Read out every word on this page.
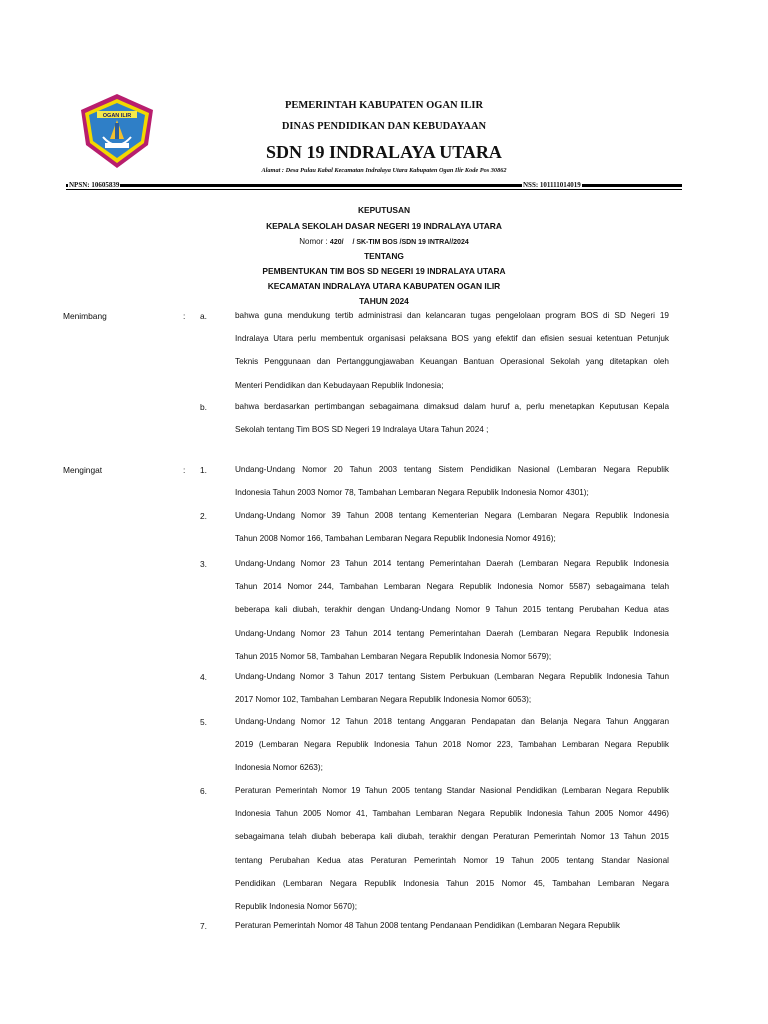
OGAN ILIR
PEMERINTAH KABUPATEN OGAN ILIR
DINAS PENDIDIKAN DAN KEBUDAYAAN
SDN 19 INDRALAYA UTARA
Alamat : Desa Pulau Kabal Kecamatan Indralaya Utara Kabupaten Ogan Ilir Kode Pos 30862
NPSN: 10605839	NSS: 101111014019
KEPUTUSAN
KEPALA SEKOLAH DASAR NEGERI 19 INDRALAYA UTARA
Nomor : 420/ / SK-TIM BOS /SDN 19 INTRA//2024
TENTANG
PEMBENTUKAN TIM BOS SD NEGERI 19 INDRALAYA UTARA
KECAMATAN INDRALAYA UTARA KABUPATEN OGAN ILIR
TAHUN 2024
Menimbang	: a.	bahwa guna mendukung tertib administrasi dan kelancaran tugas pengelolaan program BOS di SD Negeri 19
Indralaya Utara perlu membentuk organisasi pelaksana BOS yang efektif dan efisien sesuai ketentuan Petunjuk
Teknis Penggunaan dan Pertanggungjawaban Keuangan Bantuan Operasional Sekolah yang ditetapkan oleh
Menteri Pendidikan dan Kebudayaan Republik Indonesia;
b.	bahwa berdasarkan pertimbangan sebagaimana dimaksud dalam huruf a, perlu menetapkan Keputusan Kepala
Sekolah tentang Tim BOS SD Negeri 19 Indralaya Utara Tahun 2024 ;
Mengingat	: 1.	Undang-Undang Nomor 20 Tahun 2003 tentang Sistem Pendidikan Nasional (Lembaran Negara Republik
Indonesia Tahun 2003 Nomor 78, Tambahan Lembaran Negara Republik Indonesia Nomor 4301);
2.	Undang-Undang Nomor 39 Tahun 2008 tentang Kementerian Negara (Lembaran Negara Republik Indonesia
Tahun 2008 Nomor 166, Tambahan Lembaran Negara Republik Indonesia Nomor 4916);
3.	Undang-Undang Nomor 23 Tahun 2014 tentang Pemerintahan Daerah (Lembaran Negara Republik Indonesia
Tahun 2014 Nomor 244, Tambahan Lembaran Negara Republik Indonesia Nomor 5587) sebagaimana telah
beberapa kali diubah, terakhir dengan Undang-Undang Nomor 9 Tahun 2015 tentang Perubahan Kedua atas
Undang-Undang Nomor 23 Tahun 2014 tentang Pemerintahan Daerah (Lembaran Negara Republik Indonesia
Tahun 2015 Nomor 58, Tambahan Lembaran Negara Republik Indonesia Nomor 5679);
4.	Undang-Undang Nomor 3 Tahun 2017 tentang Sistem Perbukuan (Lembaran Negara Republik Indonesia Tahun
2017 Nomor 102, Tambahan Lembaran Negara Republik Indonesia Nomor 6053);
5.	Undang-Undang Nomor 12 Tahun 2018 tentang Anggaran Pendapatan dan Belanja Negara Tahun Anggaran
2019 (Lembaran Negara Republik Indonesia Tahun 2018 Nomor 223, Tambahan Lembaran Negara Republik
Indonesia Nomor 6263);
6.	Peraturan Pemerintah Nomor 19 Tahun 2005 tentang Standar Nasional Pendidikan (Lembaran Negara Republik
Indonesia Tahun 2005 Nomor 41, Tambahan Lembaran Negara Republik Indonesia Tahun 2005 Nomor 4496)
sebagaimana telah diubah beberapa kali diubah, terakhir dengan Peraturan Pemerintah Nomor 13 Tahun 2015
tentang Perubahan Kedua atas Peraturan Pemerintah Nomor 19 Tahun 2005 tentang Standar Nasional
Pendidikan (Lembaran Negara Republik Indonesia Tahun 2015 Nomor 45, Tambahan Lembaran Negara
Republik Indonesia Nomor 5670);
7.	Peraturan Pemerintah Nomor 48 Tahun 2008 tentang Pendanaan Pendidikan (Lembaran Negara Republik
